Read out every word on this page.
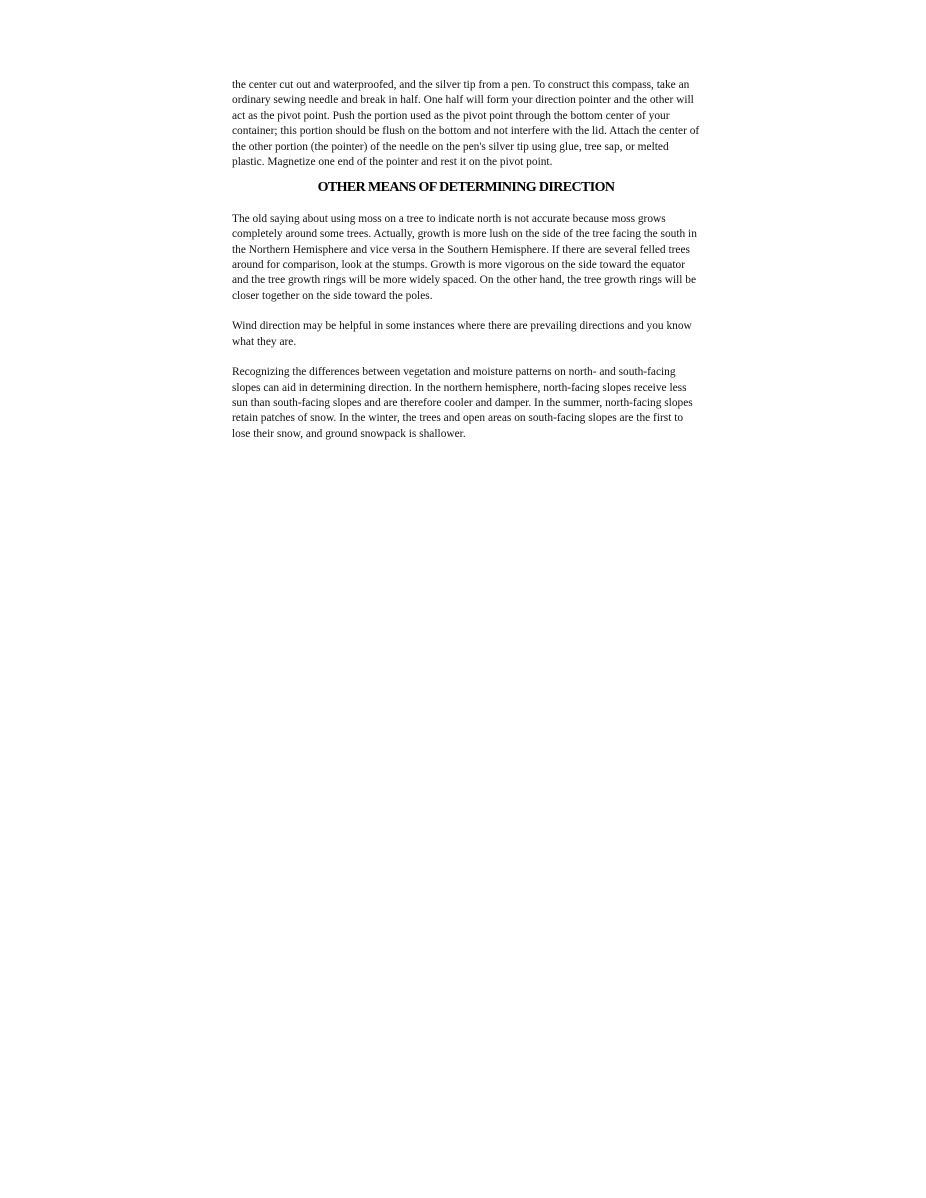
the center cut out and waterproofed, and the silver tip from a pen. To construct this compass, take an ordinary sewing needle and break in half. One half will form your direction pointer and the other will act as the pivot point. Push the portion used as the pivot point through the bottom center of your container; this portion should be flush on the bottom and not interfere with the lid. Attach the center of the other portion (the pointer) of the needle on the pen's silver tip using glue, tree sap, or melted plastic. Magnetize one end of the pointer and rest it on the pivot point.

OTHER MEANS OF DETERMINING DIRECTION

The old saying about using moss on a tree to indicate north is not accurate because moss grows completely around some trees. Actually, growth is more lush on the side of the tree facing the south in the Northern Hemisphere and vice versa in the Southern Hemisphere. If there are several felled trees around for comparison, look at the stumps. Growth is more vigorous on the side toward the equator and the tree growth rings will be more widely spaced. On the other hand, the tree growth rings will be closer together on the side toward the poles.

Wind direction may be helpful in some instances where there are prevailing directions and you know what they are.

Recognizing the differences between vegetation and moisture patterns on north- and south-facing slopes can aid in determining direction. In the northern hemisphere, north-facing slopes receive less sun than south-facing slopes and are therefore cooler and damper. In the summer, north-facing slopes retain patches of snow. In the winter, the trees and open areas on south-facing slopes are the first to lose their snow, and ground snowpack is shallower.
